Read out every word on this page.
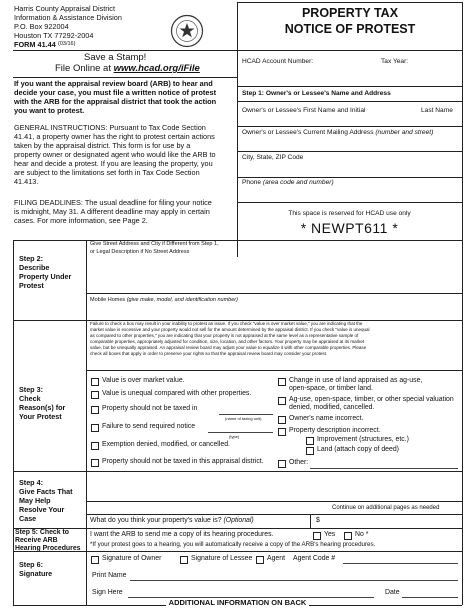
Harris County Appraisal District
Information & Assistance Division
P.O. Box 922004
Houston TX 77292-2004
FORM 41.44 (03/16)
PROPERTY TAX
NOTICE OF PROTEST
Save a Stamp!
File Online at www.hcad.org/iFile
If you want the appraisal review board (ARB) to hear and
decide your case, you must file a written notice of protest
with the ARB for the appraisal district that took the action
you want to protest.
GENERAL INSTRUCTIONS: Pursuant to Tax Code Section
41.41, a property owner has the right to protest certain actions
taken by the appraisal district. This form is for use by a
property owner or designated agent who would like the ARB to
hear and decide a protest. If you are leasing the property, you
are subject to the limitations set forth in Tax Code Section
41.413.
FILING DEADLINES: The usual deadline for filing your notice
is midnight, May 31. A different deadline may apply in certain
cases. For more information, see Page 2.
HCAD Account Number:	Tax Year:
Step 1: Owner's or Lessee's Name and Address
Owner's or Lessee's First Name and Initial	Last Name
Owner's or Lessee's Current Mailing Address (number and street)
City, State, ZIP Code
Phone (area code and number)
This space is reserved for HCAD use only
* NEWPT611 *
Step 2:
Describe
Property Under
Protest
Give Street Address and City if Different from Step 1,
or Legal Description if No Street Address
Mobile Homes (give make, model, and identification number)
Step 3:
Check
Reason(s) for
Your Protest
Failure to check a box may result in your inability to protest an issue. If you check "value is over market value," you are indicating that the
market value is excessive and your property would not sell for the amount determined by the appraisal district. If you check "value is unequal
as compared to other properties," you are indicating that your property is not appraised at the same level as a representative sample of
comparable properties, appropriately adjusted for condition, size, location, and other factors. Your property may be appraised at its market
value, but be unequally appraised. An appraisal review board may adjust your value to equalize it with other comparable properties. Please
check all boxes that apply in order to preserve your rights so that the appraisal review board may consider your protest.
Value is over market value.
Value is unequal compared with other properties.
Property should not be taxed in
(name of taxing unit)
Failure to send required notice
(type)
Exemption denied, modified, or cancelled.
Property should not be taxed in this appraisal district.
Change in use of land appraised as ag-use,
open-space, or timber land.
Ag-use, open-space, timber, or other special valuation
denied, modified, cancelled.
Owner's name incorrect.
Property description incorrect.
Improvement (structures, etc.)
Land (attach copy of deed)
Other:
Step 4:
Give Facts That
May Help
Resolve Your
Case
Continue on additional pages as needed
What do you think your property's value is? (Optional)	$
Step 5: Check to
Receive ARB
Hearing Procedures
I want the ARB to send me a copy of its hearing procedures.	Yes	No *
*If your protest goes to a hearing, you will automatically receive a copy of the ARB's hearing procedures.
Step 6:
Signature
Signature of Owner	Signature of Lessee Agent Agent Code #
Print Name
Sign Here	Date
ADDITIONAL INFORMATION ON BACK
